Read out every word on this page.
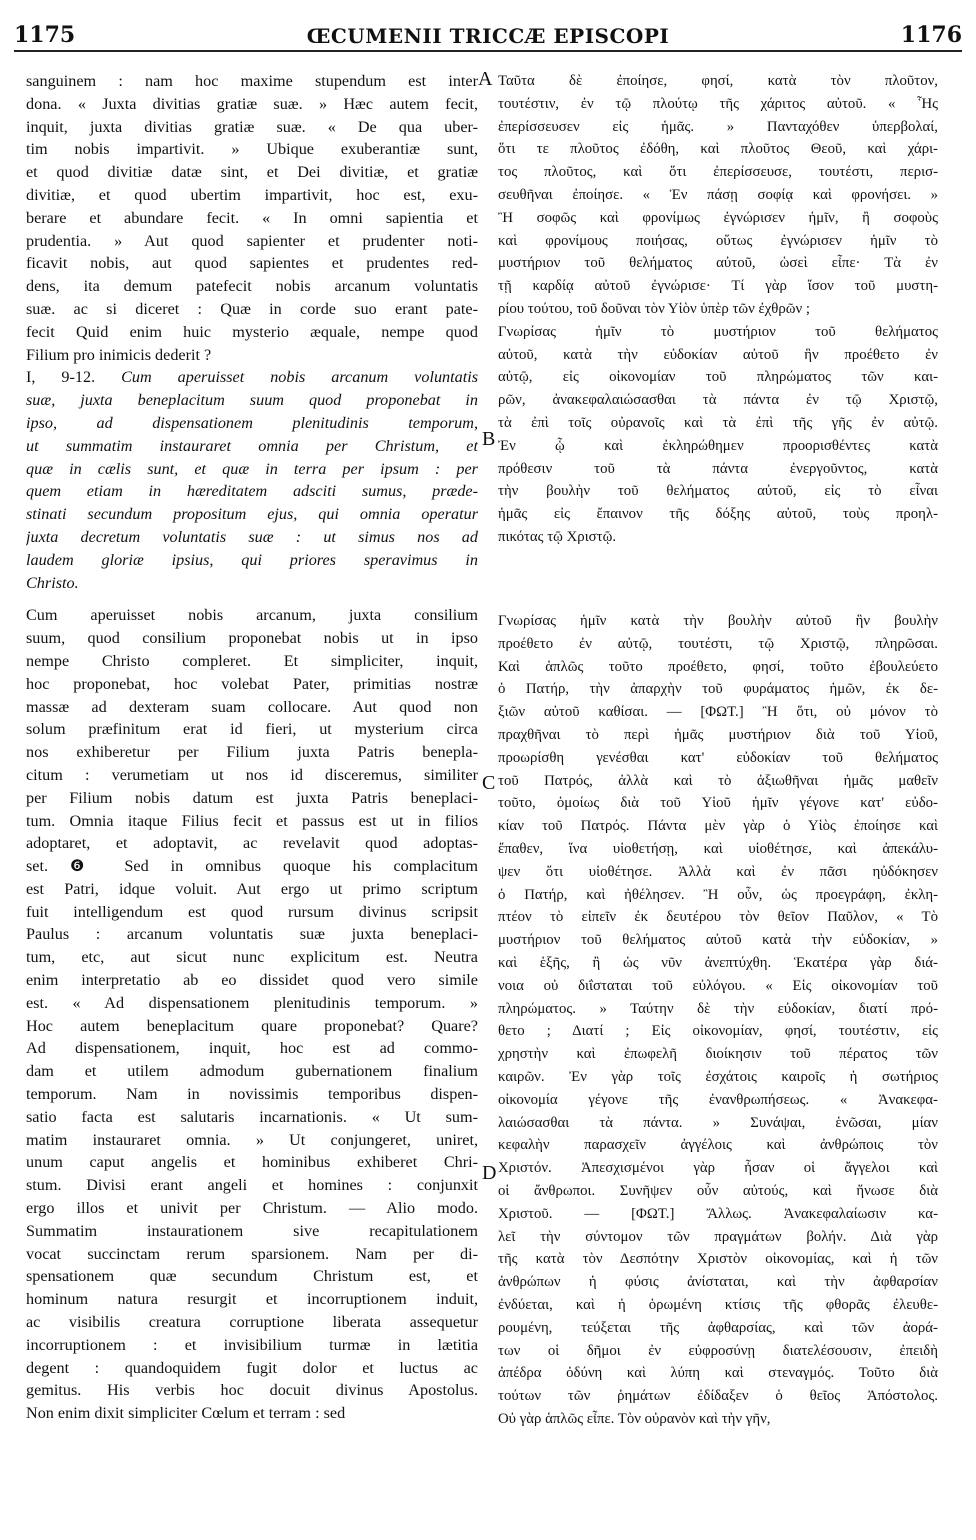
1175	ŒCUMENII TRICCÆ EPISCOPI	1176
sanguinem : nam hoc maxime stupendum est inter
dona. « Juxta divitias gratiæ suæ. » Hæc autem fecit,
inquit, juxta divitias gratiæ suæ. « De qua uber-
tim nobis impartivit. » Ubique exuberantiæ sunt,
et quod divitiæ datæ sint, et Dei divitiæ, et gratiæ
divitiæ, et quod ubertim impartivit, hoc est, exu-
berare et abundare fecit. « In omni sapientia et
prudentia. » Aut quod sapienter et prudenter noti-
ficavit nobis, aut quod sapientes et prudentes red-
dens, ita demum patefecit nobis arcanum voluntatis
suæ. ac si diceret : Quæ in corde suo erant pate-
fecit Quid enim huic mysterio æquale, nempe quod
Filium pro inimicis dederit ?
I, 9-12. Cum aperuisset nobis arcanum voluntatis
suæ, juxta beneplacitum suum quod proponebat in
ipso, ad dispensationem plenitudinis temporum,
ut summatim instauraret omnia per Christum, et
quæ in cælis sunt, et quæ in terra per ipsum : per
quem etiam in hæreditatem adsciti sumus, præde-
stinati secundum propositum ejus, qui omnia operatur
juxta decretum voluntatis suæ : ut simus nos ad
laudem gloriæ ipsius, qui priores speravimus in
Christo.
Cum aperuisset nobis arcanum, juxta consilium
suum, quod consilium proponebat nobis ut in ipso
nempe Christo compleret. Et simpliciter, inquit,
hoc proponebat, hoc volebat Pater, primitias nostræ
massæ ad dexteram suam collocare. Aut quod non
solum præfinitum erat id fieri, ut mysterium circa
nos exhiberetur per Filium juxta Patris benepla-
citum : verumetiam ut nos id disceremus, similiter
per Filium nobis datum est juxta Patris beneplaci-
tum. Omnia itaque Filius fecit et passus est ut in filios
adoptaret, et adoptavit, ac revelavit quod adoptas-
set. ❻ Sed in omnibus quoque his complacitum
est Patri, idque voluit. Aut ergo ut primo scriptum
fuit intelligendum est quod rursum divinus scripsit
Paulus : arcanum voluntatis suæ juxta beneplaci-
tum, etc, aut sicut nunc explicitum est. Neutra
enim interpretatio ab eo dissidet quod vero simile
est. « Ad dispensationem plenitudinis temporum. »
Hoc autem beneplacitum quare proponebat? Quare?
Ad dispensationem, inquit, hoc est ad commo-
dam et utilem admodum gubernationem finalium
temporum. Nam in novissimis temporibus dispen-
satio facta est salutaris incarnationis. « Ut sum-
matim instauraret omnia. » Ut conjungeret, uniret,
unum caput angelis et hominibus exhiberet Chri-
stum. Divisi erant angeli et homines : conjunxit
ergo illos et univit per Christum. — Alio modo.
Summatim instaurationem sive recapitulationem
vocat succinctam rerum sparsionem. Nam per di-
spensationem quæ secundum Christum est, et
hominum natura resurgit et incorruptionem induit,
ac visibilis creatura corruptione liberata assequetur
incorruptionem : et invisibilium turmæ in lætitia
degent : quandoquidem fugit dolor et luctus ac
gemitus. His verbis hoc docuit divinus Apostolus.
Non enim dixit simpliciter Cœlum et terram : sed
Ταῦτα δὲ ἐποίησε, φησί, κατὰ τὸν πλοῦτον,
τουτέστιν, ἐν τῷ πλούτῳ τῆς χάριτος αὐτοῦ. « Ἧς
ἐπερίσσευσεν εἰς ἡμᾶς. » Πανταχόθεν ὑπερβολαί,
ὅτι τε πλοῦτος ἐδόθη, καὶ πλοῦτος Θεοῦ, καὶ χάρι-
τος πλοῦτος, καὶ ὅτι ἐπερίσσευσε, τουτέστι, περισ-
σευθῆναι ἐποίησε. « Ἐν πάσῃ σοφίᾳ καὶ φρονήσει. »
Ἢ σοφῶς καὶ φρονίμως ἐγνώρισεν ἡμῖν, ἢ σοφοὺς
καὶ φρονίμους ποιήσας, οὕτως ἐγνώρισεν ἡμῖν τὸ
μυστήριον τοῦ θελήματος αὐτοῦ, ὡσεὶ εἶπε· Τὰ ἐν
τῇ καρδίᾳ αὐτοῦ ἐγνώρισε· Τί γὰρ ἴσον τοῦ μυστη-
ρίου τούτου, τοῦ δοῦναι τὸν Υἱὸν ὑπὲρ τῶν ἐχθρῶν ;
Γνωρίσας ἡμῖν τὸ μυστήριον τοῦ θελήματος
αὐτοῦ, κατὰ τὴν εὐδοκίαν αὐτοῦ ἣν προέθετο ἐν
αὐτῷ, εἰς οἰκονομίαν τοῦ πληρώματος τῶν και-
ρῶν, ἀνακεφαλαιώσασθαι τὰ πάντα ἐν τῷ Χριστῷ,
τὰ ἐπὶ τοῖς οὐρανοῖς καὶ τὰ ἐπὶ τῆς γῆς ἐν αὐτῷ.
Ἐν ᾧ καὶ ἐκληρώθημεν προορισθέντες κατὰ
πρόθεσιν τοῦ τὰ πάντα ἐνεργοῦντος, κατὰ
τὴν βουλὴν τοῦ θελήματος αὐτοῦ, εἰς τὸ εἶναι
ἡμᾶς εἰς ἔπαινον τῆς δόξης αὐτοῦ, τοὺς προηλ-
πικότας τῷ Χριστῷ.
Γνωρίσας ἡμῖν κατὰ τὴν βουλὴν αὐτοῦ ἣν βουλὴν
προέθετο ἐν αὐτῷ, τουτέστι, τῷ Χριστῷ, πληρῶσαι.
Καὶ ἁπλῶς τοῦτο προέθετο, φησί, τοῦτο ἐβουλεύετο
ὁ Πατήρ, τὴν ἀπαρχὴν τοῦ φυράματος ἡμῶν, ἐκ δε-
ξιῶν αὐτοῦ καθίσαι. — [ΦΩΤ.] Ἢ ὅτι, οὐ μόνον τὸ
πραχθῆναι τὸ περὶ ἡμᾶς μυστήριον διὰ τοῦ Υἱοῦ,
προωρίσθη γενέσθαι κατ' εὐδοκίαν τοῦ θελήματος
τοῦ Πατρός, ἀλλὰ καὶ τὸ ἀξιωθῆναι ἡμᾶς μαθεῖν
τοῦτο, ὁμοίως διὰ τοῦ Υἱοῦ ἡμῖν γέγονε κατ' εὐδο-
κίαν τοῦ Πατρός. Πάντα μὲν γὰρ ὁ Υἱὸς ἐποίησε καὶ
ἔπαθεν, ἵνα υἱοθετήσῃ, καὶ υἱοθέτησε, καὶ ἀπεκάλυ-
ψεν ὅτι υἱοθέτησε. Ἀλλὰ καὶ ἐν πᾶσι ηὐδόκησεν
ὁ Πατήρ, καὶ ἠθέλησεν. Ἢ οὖν, ὡς προεγράφη, ἐκλη-
πτέον τὸ εἰπεῖν ἐκ δευτέρου τὸν θεῖον Παῦλον, « Τὸ
μυστήριον τοῦ θελήματος αὐτοῦ κατὰ τὴν εὐδοκίαν, »
καὶ ἑξῆς, ἢ ὡς νῦν ἀνεπτύχθη. Ἑκατέρα γὰρ διά-
νοια οὐ διΐσταται τοῦ εὐλόγου. « Εἰς οἰκονομίαν τοῦ
πληρώματος. » Ταύτην δὲ τὴν εὐδοκίαν, διατί πρό-
θετο ; Διατί ; Εἰς οἰκονομίαν, φησί, τουτέστιν, εἰς
χρηστὴν καὶ ἐπωφελῆ διοίκησιν τοῦ πέρατος τῶν
καιρῶν. Ἐν γὰρ τοῖς ἐσχάτοις καιροῖς ἡ σωτήριος
οἰκονομία γέγονε τῆς ἐνανθρωπήσεως. « Ἀνακεφα-
λαιώσασθαι τὰ πάντα. » Συνάψαι, ἑνῶσαι, μίαν
κεφαλὴν παρασχεῖν ἀγγέλοις καὶ ἀνθρώποις τὸν
Χριστόν. Ἀπεσχισμένοι γὰρ ἦσαν οἱ ἄγγελοι καὶ
οἱ ἄνθρωποι. Συνῆψεν οὖν αὐτούς, καὶ ἥνωσε διὰ
Χριστοῦ. — [ΦΩΤ.] Ἄλλως. Ἀνακεφαλαίωσιν κα-
λεῖ τὴν σύντομον τῶν πραγμάτων βολήν. Διὰ γὰρ
τῆς κατὰ τὸν Δεσπότην Χριστὸν οἰκονομίας, καὶ ἡ τῶν
ἀνθρώπων ἡ φύσις ἀνίσταται, καὶ τὴν ἀφθαρσίαν
ἐνδύεται, καὶ ἡ ὁρωμένη κτίσις τῆς φθορᾶς ἐλευθε-
ρουμένη, τεύξεται τῆς ἀφθαρσίας, καὶ τῶν ἀορά-
των οἱ δῆμοι ἐν εὐφροσύνῃ διατελέσουσιν, ἐπειδὴ
ἀπέδρα ὀδύνη καὶ λύπη καὶ στεναγμός. Τοῦτο διὰ
τούτων τῶν ῥημάτων ἐδίδαξεν ὁ θεῖος Ἀπόστολος.
Οὐ γὰρ ἁπλῶς εἶπε. Τὸν οὐρανὸν καὶ τὴν γῆν,
A
B
C
D
